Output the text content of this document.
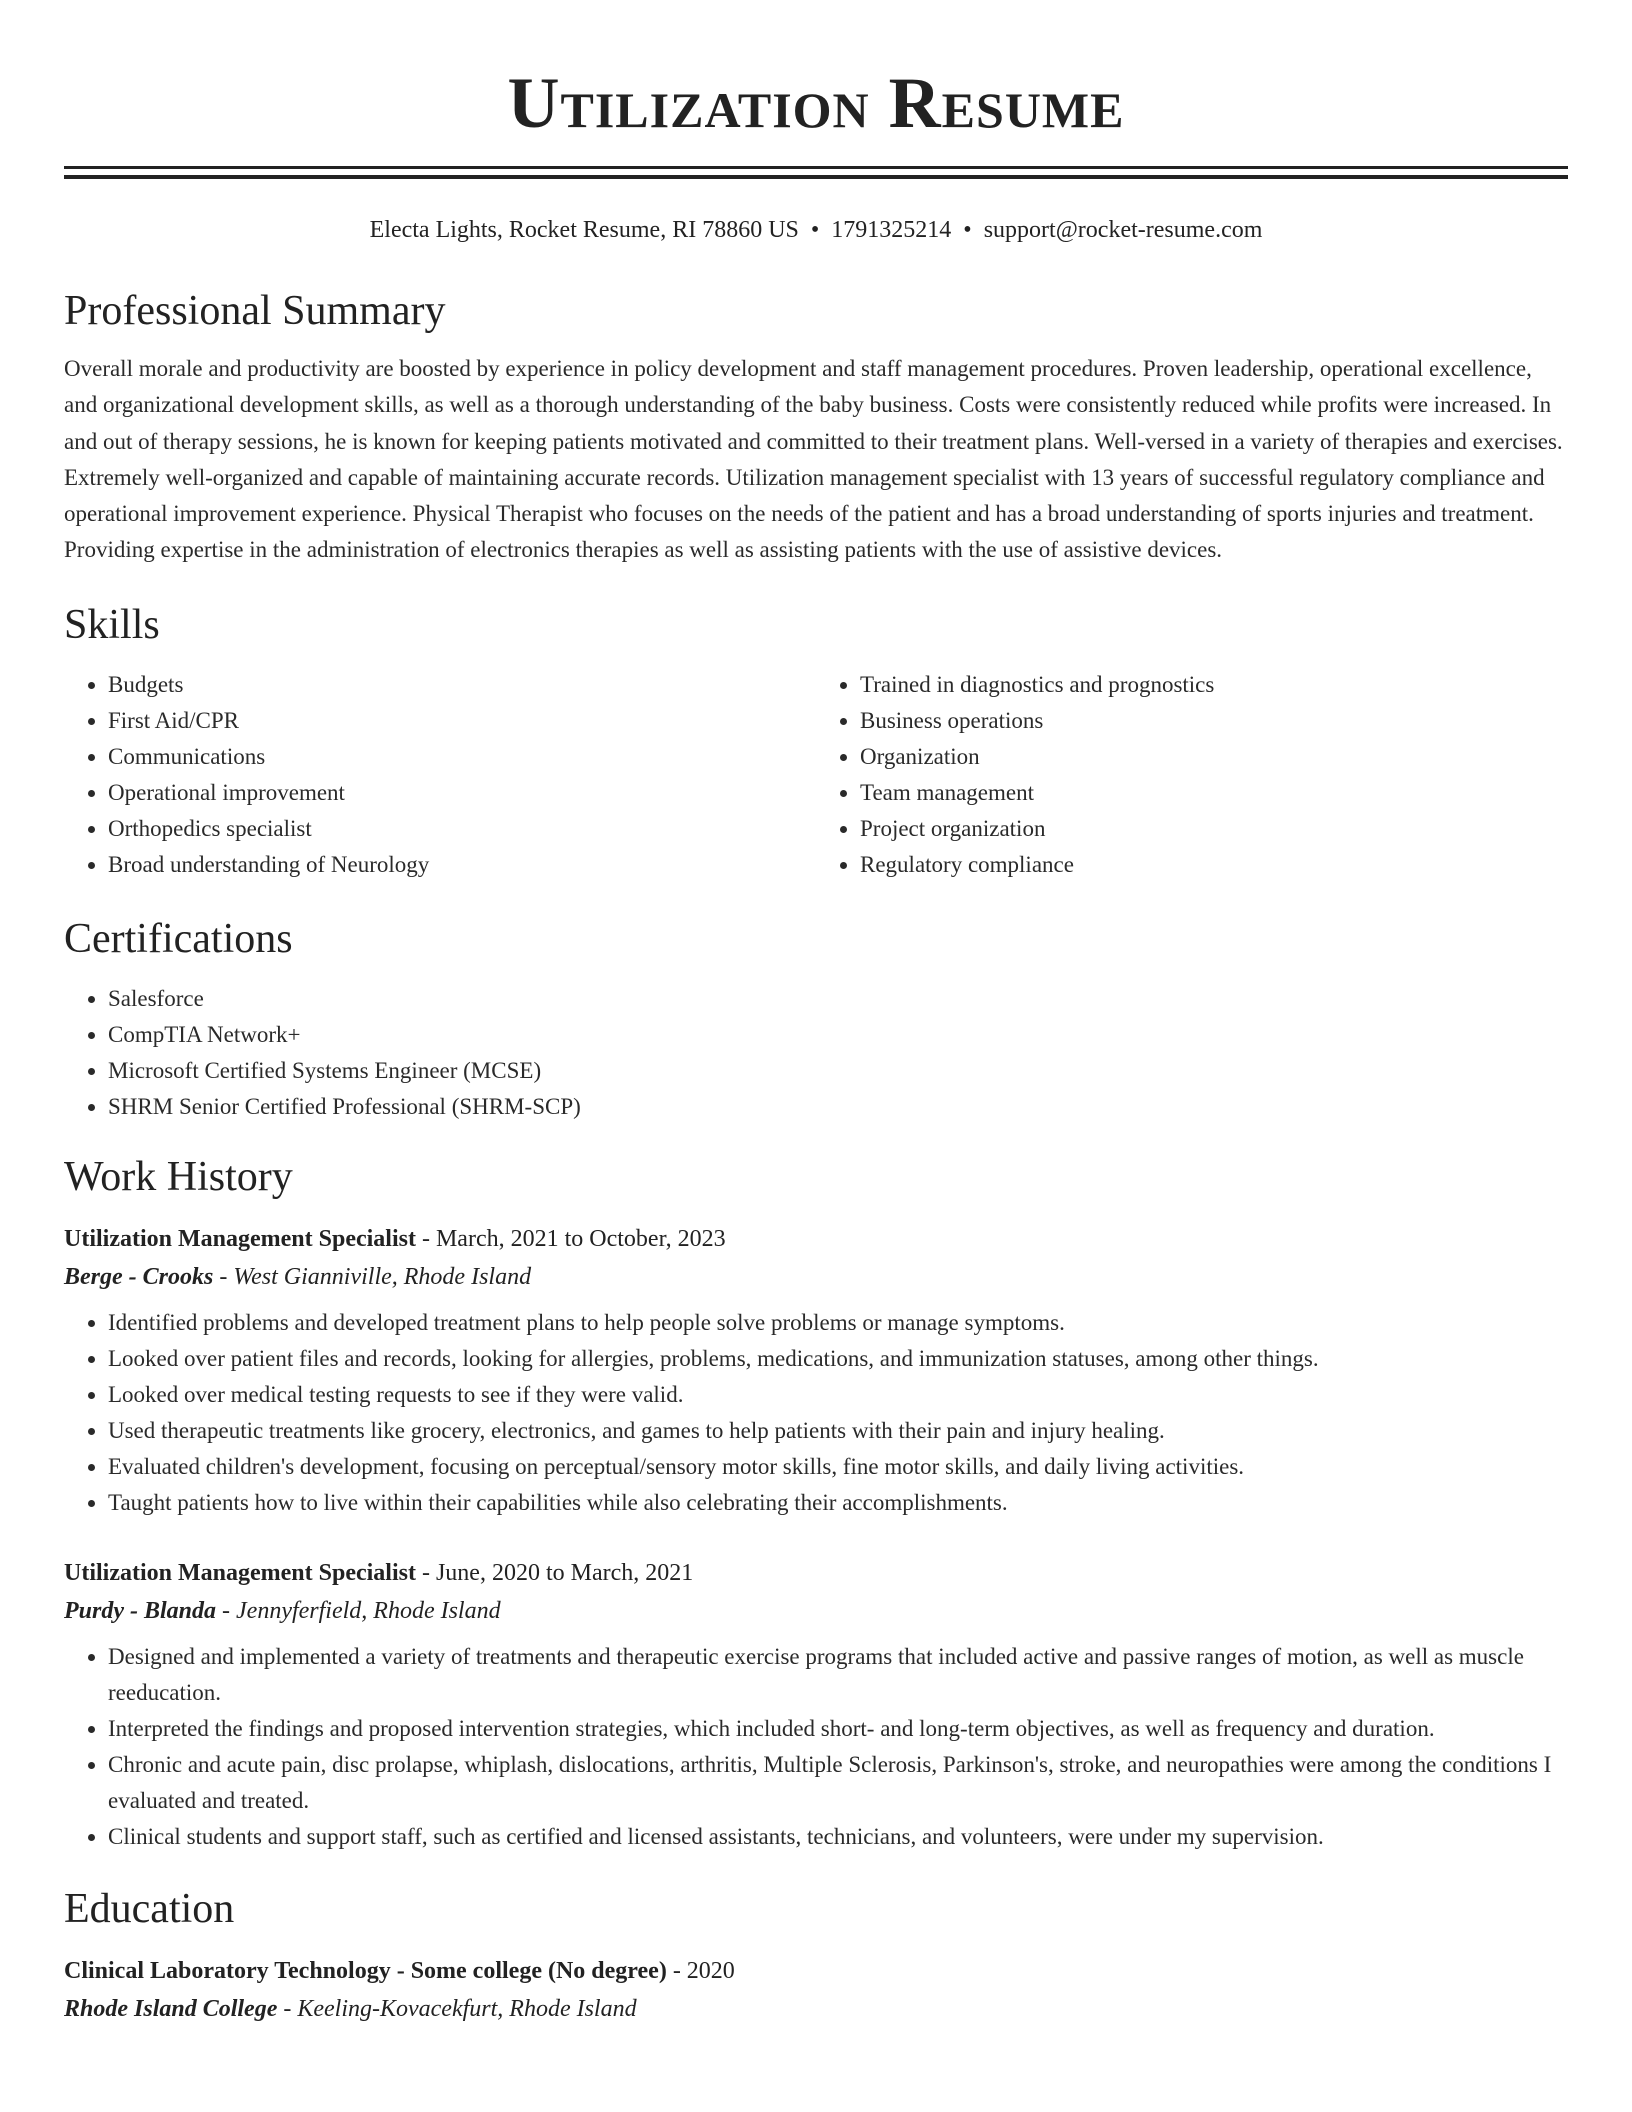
Utilization Resume
Electa Lights, Rocket Resume, RI 78860 US • 1791325214 • support@rocket-resume.com
Professional Summary

Overall morale and productivity are boosted by experience in policy development and staff management procedures. Proven leadership, operational excellence, and organizational development skills, as well as a thorough understanding of the baby business. Costs were consistently reduced while profits were increased. In and out of therapy sessions, he is known for keeping patients motivated and committed to their treatment plans. Well-versed in a variety of therapies and exercises. Extremely well-organized and capable of maintaining accurate records. Utilization management specialist with 13 years of successful regulatory compliance and operational improvement experience. Physical Therapist who focuses on the needs of the patient and has a broad understanding of sports injuries and treatment. Providing expertise in the administration of electronics therapies as well as assisting patients with the use of assistive devices.

Skills
• Budgets
• First Aid/CPR
• Communications
• Operational improvement
• Orthopedics specialist
• Broad understanding of Neurology
• Trained in diagnostics and prognostics
• Business operations
• Organization
• Team management
• Project organization
• Regulatory compliance
Certifications
• Salesforce
• CompTIA Network+
• Microsoft Certified Systems Engineer (MCSE)
• SHRM Senior Certified Professional (SHRM-SCP)
Work History
Utilization Management Specialist - March, 2021 to October, 2023
Berge - Crooks - West Gianniville, Rhode Island
• Identified problems and developed treatment plans to help people solve problems or manage symptoms.
• Looked over patient files and records, looking for allergies, problems, medications, and immunization statuses, among other things.
• Looked over medical testing requests to see if they were valid.
• Used therapeutic treatments like grocery, electronics, and games to help patients with their pain and injury healing.
• Evaluated children's development, focusing on perceptual/sensory motor skills, fine motor skills, and daily living activities.
• Taught patients how to live within their capabilities while also celebrating their accomplishments.
Utilization Management Specialist - June, 2020 to March, 2021
Purdy - Blanda - Jennyferfield, Rhode Island
• Designed and implemented a variety of treatments and therapeutic exercise programs that included active and passive ranges of motion, as well as muscle reeducation.
• Interpreted the findings and proposed intervention strategies, which included short- and long-term objectives, as well as frequency and duration.
• Chronic and acute pain, disc prolapse, whiplash, dislocations, arthritis, Multiple Sclerosis, Parkinson's, stroke, and neuropathies were among the conditions I evaluated and treated.
• Clinical students and support staff, such as certified and licensed assistants, technicians, and volunteers, were under my supervision.
Education
Clinical Laboratory Technology - Some college (No degree) - 2020
Rhode Island College - Keeling-Kovacekfurt, Rhode Island
